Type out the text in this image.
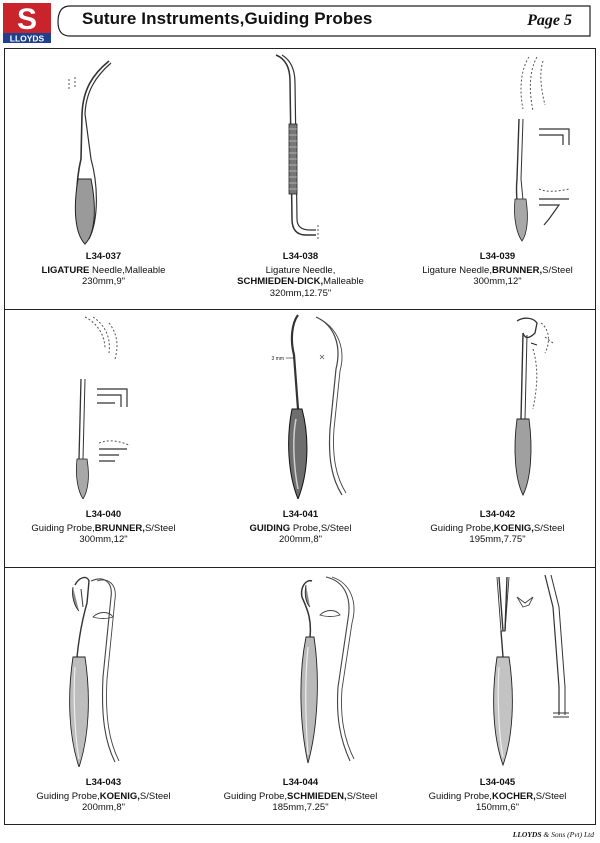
S
LLOYDS
Suture Instruments,Guiding Probes	Page 5
L34-037
LIGATURE Needle,Malleable
230mm,9"
L34-038
Ligature Needle,
SCHMIEDEN-DICK,Malleable
320mm,12.75"
L34-039
Ligature Needle,BRUNNER,S/Steel
300mm,12"
L34-040
Guiding Probe,BRUNNER,S/Steel
300mm,12"
3 mm
L34-041
GUIDING Probe,S/Steel
200mm,8"
L34-042
Guiding Probe,KOENIG,S/Steel
195mm,7.75"
L34-043
Guiding Probe,KOENIG,S/Steel
200mm,8"
L34-044
Guiding Probe,SCHMIEDEN,S/Steel
185mm,7.25"
L34-045
Guiding Probe,KOCHER,S/Steel
150mm,6"
LLOYDS & Sons (Pvt) Ltd
